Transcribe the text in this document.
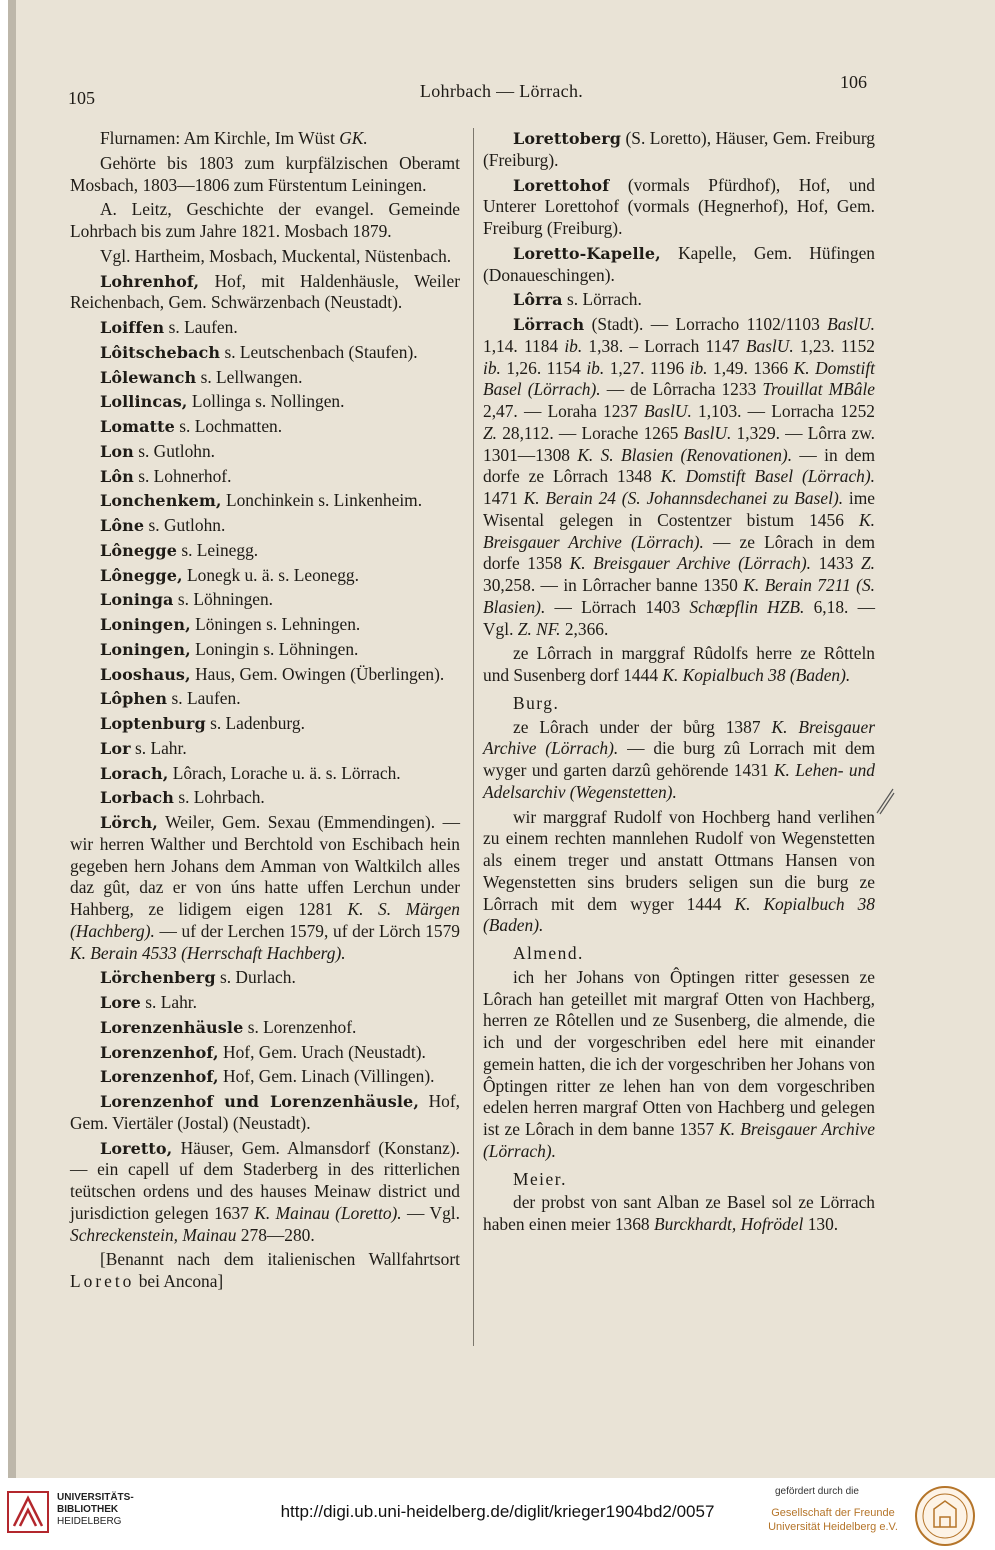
105	Lohrbach — Lörrach.	106

Flurnamen: Am Kirchle, Im Wüst GK.

Gehörte bis 1803 zum kurpfälzischen Oberamt Mosbach, 1803—1806 zum Fürstentum Leiningen.

A. Leitz, Geschichte der evangel. Gemeinde Lohrbach bis zum Jahre 1821. Mosbach 1879.

Vgl. Hartheim, Mosbach, Muckental, Nüstenbach.

Lohrenhof, Hof, mit Haldenhäusle, Weiler Reichenbach, Gem. Schwärzenbach (Neustadt).

Loiffen s. Laufen.

Lôitschebach s. Leutschenbach (Staufen).

Lôlewanch s. Lellwangen.

Lollincas, Lollinga s. Nollingen.

Lomatte s. Lochmatten.

Lon s. Gutlohn.

Lôn s. Lohnerhof.

Lonchenkem, Lonchinkein s. Linkenheim.

Lône s. Gutlohn.

Lônegge s. Leinegg.

Lônegge, Lonegk u. ä. s. Leonegg.

Loninga s. Löhningen.

Loningen, Löningen s. Lehningen.

Loningen, Loningin s. Löhningen.

Looshaus, Haus, Gem. Owingen (Überlingen).

Lôphen s. Laufen.

Loptenburg s. Ladenburg.

Lor s. Lahr.

Lorach, Lôrach, Lorache u. ä. s. Lörrach.

Lorbach s. Lohrbach.

Lörch, Weiler, Gem. Sexau (Emmendingen). — wir herren Walther und Berchtold von Eschibach hein gegeben hern Johans dem Amman von Waltkilch alles daz gût, daz er von úns hatte uffen Lerchun under Hahberg, ze lidigem eigen 1281 K. S. Märgen (Hachberg). — uf der Lerchen 1579, uf der Lörch 1579 K. Berain 4533 (Herrschaft Hachberg).

Lörchenberg s. Durlach.

Lore s. Lahr.

Lorenzenhäusle s. Lorenzenhof.

Lorenzenhof, Hof, Gem. Urach (Neustadt).

Lorenzenhof, Hof, Gem. Linach (Villingen).

Lorenzenhof und Lorenzenhäusle, Hof, Gem. Viertäler (Jostal) (Neustadt).

Loretto, Häuser, Gem. Almansdorf (Konstanz). — ein capell uf dem Staderberg in des ritterlichen teütschen ordens und des hauses Meinaw district und jurisdiction gelegen 1637 K. Mainau (Loretto). — Vgl. Schreckenstein, Mainau 278—280.

[Benannt nach dem italienischen Wallfahrtsort Loreto bei Ancona]

Lorettoberg (S. Loretto), Häuser, Gem. Freiburg (Freiburg).

Lorettohof (vormals Pfürdhof), Hof, und Unterer Lorettohof (vormals (Hegnerhof), Hof, Gem. Freiburg (Freiburg).

Loretto-Kapelle, Kapelle, Gem. Hüfingen (Donaueschingen).

Lôrra s. Lörrach.

Lörrach (Stadt). — Lorracho 1102/1103 BaslU. 1,14. 1184 ib. 1,38. – Lorrach 1147 BaslU. 1,23. 1152 ib. 1,26. 1154 ib. 1,27. 1196 ib. 1,49. 1366 K. Domstift Basel (Lörrach). — de Lôrracha 1233 Trouillat MBâle 2,47. — Loraha 1237 BaslU. 1,103. — Lorracha 1252 Z. 28,112. — Lorache 1265 BaslU. 1,329. — Lôrra zw. 1301—1308 K. S. Blasien (Renovationen). — in dem dorfe ze Lôrrach 1348 K. Domstift Basel (Lörrach). 1471 K. Berain 24 (S. Johannsdechanei zu Basel). ime Wisental gelegen in Costentzer bistum 1456 K. Breisgauer Archive (Lörrach). — ze Lôrach in dem dorfe 1358 K. Breisgauer Archive (Lörrach). 1433 Z. 30,258. — in Lôrracher banne 1350 K. Berain 7211 (S. Blasien). — Lörrach 1403 Schœpflin HZB. 6,18. — Vgl. Z. NF. 2,366.

ze Lôrrach in marggraf Rûdolfs herre ze Rôtteln und Susenberg dorf 1444 K. Kopialbuch 38 (Baden).

Burg.

ze Lôrach under der bůrg 1387 K. Breisgauer Archive (Lörrach). — die burg zû Lorrach mit dem wyger und garten darzû gehörende 1431 K. Lehen- und Adelsarchiv (Wegenstetten).

wir marggraf Rudolf von Hochberg hand verlihen zu einem rechten mannlehen Rudolf von Wegenstetten als einem treger und anstatt Ottmans Hansen von Wegenstetten sins bruders seligen sun die burg ze Lôrrach mit dem wyger 1444 K. Kopialbuch 38 (Baden).

Almend.

ich her Johans von Ôptingen ritter gesessen ze Lôrach han geteillet mit margraf Otten von Hachberg, herren ze Rôtellen und ze Susenberg, die almende, die ich und der vorgeschriben edel here mit einander gemein hatten, die ich der vorgeschriben her Johans von Ôptingen ritter ze lehen han von dem vorgeschriben edelen herren margraf Otten von Hachberg und gelegen ist ze Lôrach in dem banne 1357 K. Breisgauer Archive (Lörrach).

Meier.

der probst von sant Alban ze Basel sol ze Lörrach haben einen meier 1368 Burckhardt, Hofrödel 130.

UNIVERSITÄTS-
BIBLIOTHEK
HEIDELBERG
http://digi.ub.uni-heidelberg.de/diglit/krieger1904bd2/0057
gefördert durch die
Gesellschaft der Freunde
Universität Heidelberg e.V.
